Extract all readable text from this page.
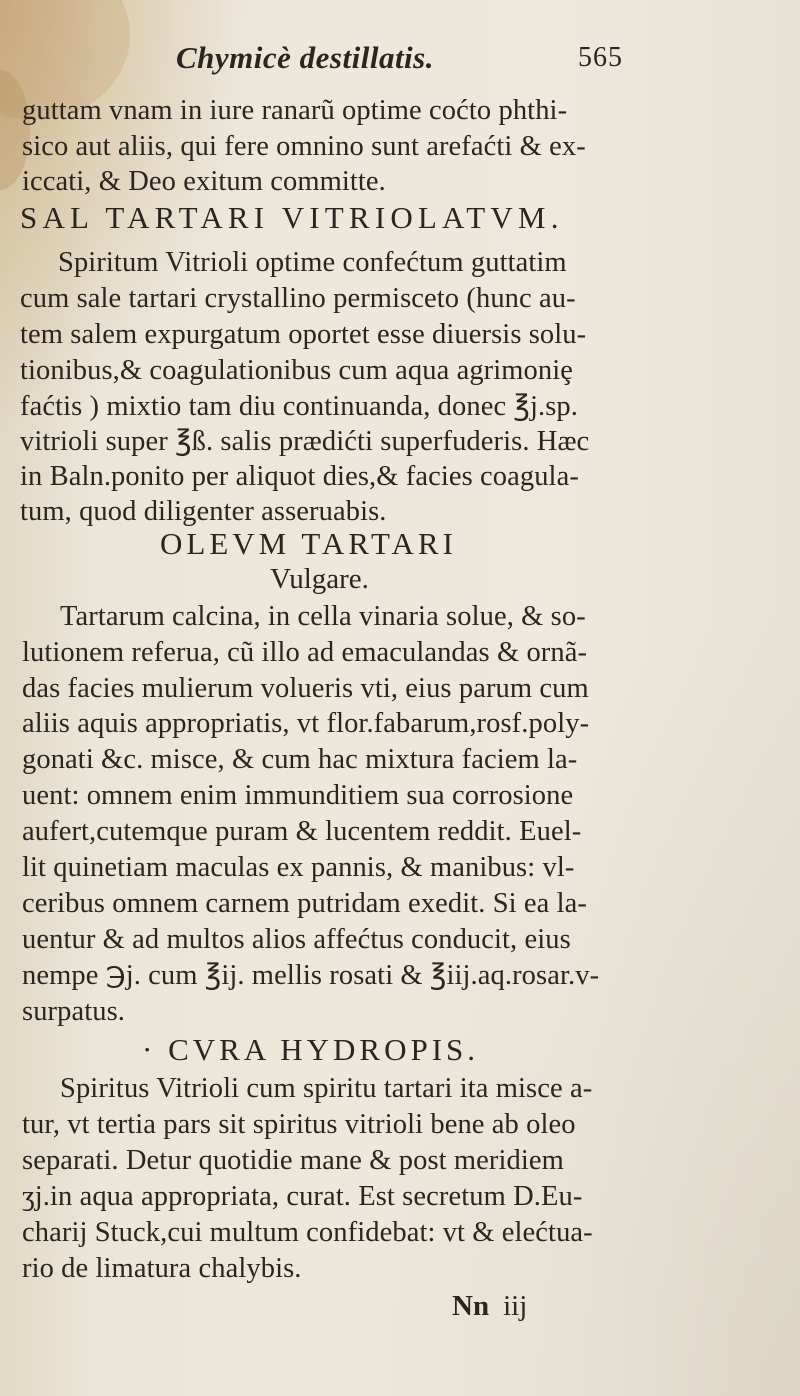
Chymicè destillatis.	565
guttam vnam in iure ranarũ optime coćto phthi-
sico aut aliis, qui fere omnino sunt arefaćti & ex-
iccati, & Deo exitum committe.
SAL TARTARI VITRIOLATVM.
Spiritum Vitrioli optime confećtum guttatim
cum sale tartari crystallino permisceto (hunc au-
tem salem expurgatum oportet esse diuersis solu-
tionibus,& coagulationibus cum aqua agrimoniȩ
faćtis ) mixtio tam diu continuanda, donec ℥j.sp.
vitrioli super ℥ß. salis prædićti superfuderis. Hæc
in Baln.ponito per aliquot dies,& facies coagula-
tum, quod diligenter asseruabis.
OLEVM TARTARI
Vulgare.
Tartarum calcina, in cella vinaria solue, & so-
lutionem referua, cũ illo ad emaculandas & ornã-
das facies mulierum volueris vti, eius parum cum
aliis aquis appropriatis, vt flor.fabarum,rosf.poly-
gonati &c. misce, & cum hac mixtura faciem la-
uent: omnem enim immunditiem sua corrosione
aufert,cutemque puram & lucentem reddit. Euel-
lit quinetiam maculas ex pannis, & manibus: vl-
ceribus omnem carnem putridam exedit. Si ea la-
uentur & ad multos alios affećtus conducit, eius
nempe ℈j. cum ℥ij. mellis rosati & ℥iij.aq.rosar.v-
surpatus.
· CVRA HYDROPIS.
Spiritus Vitrioli cum spiritu tartari ita misce a-
tur, vt tertia pars sit spiritus vitrioli bene ab oleo
separati. Detur quotidie mane & post meridiem
ʒj.in aqua appropriata, curat. Est secretum D.Eu-
charij Stuck,cui multum confidebat: vt & elećtua-
rio de limatura chalybis.
Nn iij
